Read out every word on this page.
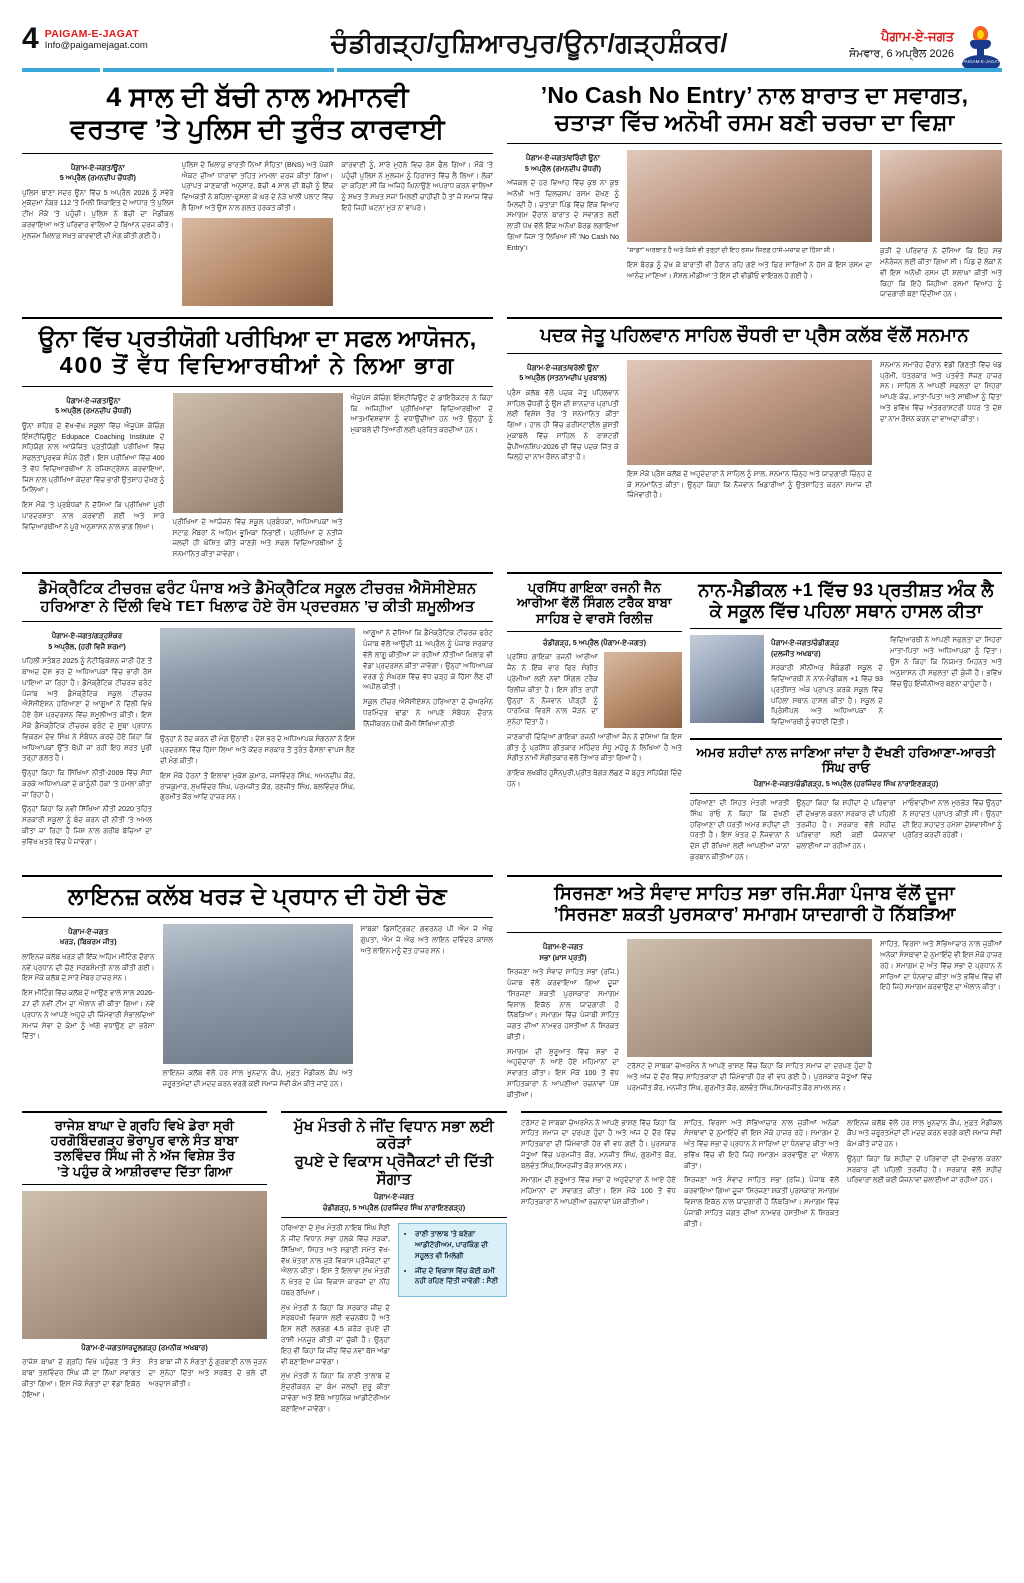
4 PAIGAM-E-JAGAT
Info@paigamejagat.com	ਚੰਡੀਗੜ੍ਹ/ਹੁਸ਼ਿਆਰਪੁਰ/ਊਨਾ/ਗੜ੍ਹਸ਼ੰਕਰ/	ਪੈਗਾਮ-ਏ-ਜਗਤ
ਸੋਮਵਾਰ, 6 ਅਪ੍ਰੈਲ 2026
PAIGAM-E-JAGAT
4 ਸਾਲ ਦੀ ਬੱਚੀ ਨਾਲ ਅਮਾਨਵੀ
ਵਰਤਾਵ ’ਤੇ ਪੁਲਿਸ ਦੀ ਤੁਰੰਤ ਕਾਰਵਾਈ
ਪੈਗਾਮ-ਏ-ਜਗਤ/ਊਨਾ
5 ਅਪ੍ਰੈਲ (ਰਮਨਦੀਪ ਚੌਧਰੀ)

ਪੁਲਿਸ ਥਾਣਾ ਸਦਰ ਊਨਾ ਵਿੱਚ 5 ਅਪ੍ਰੈਲ 2026 ਨੂੰ ਸਵੇਰੇ ਮੁਕੱਦਮਾ ਨੰਬਰ 112 'ਤੇ ਮਿਲੀ ਸ਼ਿਕਾਇਤ ਦੇ ਆਧਾਰ 'ਤੇ ਪੁਲਿਸ ਟੀਮ ਮੌਕੇ 'ਤੇ ਪਹੁੰਚੀ। ਪੁਲਿਸ ਨੇ ਬੱਚੀ ਦਾ ਮੈਡੀਕਲ ਕਰਵਾਇਆ ਅਤੇ ਪਰਿਵਾਰ ਵਾਲਿਆਂ ਦੇ ਬਿਆਨ ਦਰਜ ਕੀਤੇ। ਮੁਲਜ਼ਮ ਖ਼ਿਲਾਫ਼ ਸਖ਼ਤ ਕਾਰਵਾਈ ਦੀ ਮੰਗ ਕੀਤੀ ਗਈ ਹੈ।

ਪੁਲਿਸ ਦੇ ਖ਼ਿਲਾਫ਼ ਭਾਰਤੀ ਨਿਆਂ ਸੰਹਿਤਾ (BNS) ਅਤੇ ਪੋਕਸੋ ਐਕਟ ਦੀਆਂ ਧਾਰਾਵਾਂ ਤਹਿਤ ਮਾਮਲਾ ਦਰਜ ਕੀਤਾ ਗਿਆ। ਪ੍ਰਾਪਤ ਜਾਣਕਾਰੀ ਅਨੁਸਾਰ, ਬੱਚੀ 4 ਸਾਲ ਦੀ ਬੱਚੀ ਨੂੰ ਇੱਕ ਵਿਅਕਤੀ ਨੇ ਬਹਿਲਾ-ਫੁਸਲਾ ਕੇ ਘਰ ਦੇ ਨੇੜੇ ਖਾਲੀ ਪਲਾਟ ਵਿੱਚ ਲੈ ਗਿਆ ਅਤੇ ਉਸ ਨਾਲ ਗਲਤ ਹਰਕਤ ਕੀਤੀ।

ਕਾਰਵਾਈ ਨੂੰ, ਸਾਰੇ ਮੁਹੱਲੇ ਵਿਚ ਰੋਸ ਫੈਲ ਗਿਆ। ਮੌਕੇ 'ਤੇ ਪਹੁੰਚੀ ਪੁਲਿਸ ਨੇ ਮੁਲਜ਼ਮ ਨੂੰ ਹਿਰਾਸਤ ਵਿੱਚ ਲੈ ਲਿਆ। ਲੋਕਾਂ ਦਾ ਕਹਿਣਾ ਸੀ ਕਿ ਅਜਿਹੇ ਘਿਨਾਉਣੇ ਅਪਰਾਧ ਕਰਨ ਵਾਲਿਆਂ ਨੂੰ ਸਖ਼ਤ ਤੋਂ ਸਖ਼ਤ ਸਜ਼ਾ ਮਿਲਣੀ ਚਾਹੀਦੀ ਹੈ ਤਾਂ ਜੋ ਸਮਾਜ ਵਿੱਚ ਇਹੋ ਜਿਹੀ ਘਟਨਾ ਮੁੜ ਨਾ ਵਾਪਰੇ।

’No Cash No Entry’ ਨਾਲ ਬਾਰਾਤ ਦਾ ਸਵਾਗਤ,
ਚਤਾੜਾ ਵਿੱਚ ਅਨੋਖੀ ਰਸਮ ਬਣੀ ਚਰਚਾ ਦਾ ਵਿਸ਼ਾ
ਪੈਗਾਮ-ਏ-ਜਗਤ/ਵਰਿੰਦੀ ਊਨਾ
5 ਅਪ੍ਰੈਲ (ਰਮਨਦੀਪ ਚੌਧਰੀ)

ਅੱਜਕਲ ਦੇ ਹਰ ਵਿਆਹ ਵਿੱਚ ਕੁਝ ਨਾ ਕੁਝ ਅਨੋਖੀ ਅਤੇ ਦਿਲਚਸਪ ਰਸਮ ਦੇਖਣ ਨੂੰ ਮਿਲਦੀ ਹੈ। ਚਤਾੜਾ ਪਿੰਡ ਵਿੱਚ ਇੱਕ ਵਿਆਹ ਸਮਾਗਮ ਦੌਰਾਨ ਬਾਰਾਤ ਦੇ ਸਵਾਗਤ ਲਈ ਲਾੜੀ ਪੱਖ ਵੱਲੋਂ ਇੱਕ ਅਨੋਖਾ ਬੋਰਡ ਲਗਾਇਆ ਗਿਆ ਜਿਸ 'ਤੇ ਲਿਖਿਆ ਸੀ ’No Cash No Entry’।	"ਸਾਡਾ" ਅਰਥਾਤ ਹੈ ਅਤੇ ਕਿਸੇ ਵੀ ਤਰ੍ਹਾਂ ਦੀ ਇਹ ਰਸਮ ਸਿਰਫ਼ ਹਾਸੇ-ਮਜ਼ਾਕ ਦਾ ਹਿੱਸਾ ਸੀ।

ਇਸ ਬੋਰਡ ਨੂੰ ਦੇਖ ਕੇ ਬਾਰਾਤੀ ਵੀ ਹੈਰਾਨ ਰਹਿ ਗਏ ਅਤੇ ਫਿਰ ਸਾਰਿਆਂ ਨੇ ਹੱਸ ਕੇ ਇਸ ਰਸਮ ਦਾ ਆਨੰਦ ਮਾਣਿਆ। ਸੋਸ਼ਲ ਮੀਡੀਆ 'ਤੇ ਇਸ ਦੀ ਵੀਡੀਓ ਵਾਇਰਲ ਹੋ ਗਈ ਹੈ।

ਕੁੜੀ ਦੇ ਪਰਿਵਾਰ ਨੇ ਦੱਸਿਆ ਕਿ ਇਹ ਸਭ ਮਨੋਰੰਜਨ ਲਈ ਕੀਤਾ ਗਿਆ ਸੀ। ਪਿੰਡ ਦੇ ਲੋਕਾਂ ਨੇ ਵੀ ਇਸ ਅਨੋਖੀ ਰਸਮ ਦੀ ਸ਼ਲਾਘਾ ਕੀਤੀ ਅਤੇ ਕਿਹਾ ਕਿ ਇਹੋ ਜਿਹੀਆਂ ਰਸਮਾਂ ਵਿਆਹ ਨੂੰ ਯਾਦਗਾਰੀ ਬਣਾ ਦਿੰਦੀਆਂ ਹਨ।

ਊਨਾ ਵਿੱਚ ਪ੍ਰਤੀਯੋਗੀ ਪਰੀਖਿਆ ਦਾ ਸਫਲ ਆਯੋਜਨ,
400 ਤੋਂ ਵੱਧ ਵਿਦਿਆਰਥੀਆਂ ਨੇ ਲਿਆ ਭਾਗ
ਪੈਗਾਮ-ਏ-ਜਗਤ/ਊਨਾ
5 ਅਪ੍ਰੈਲ (ਰਮਨਦੀਪ ਚੌਧਰੀ)

ਊਨਾ ਸ਼ਹਿਰ ਦੇ ਵੱਖ-ਵੱਖ ਸਕੂਲਾਂ ਵਿੱਚ ਐਜੂਪੇਸ ਕੋਚਿੰਗ ਇੰਸਟੀਚਿਊਟ Edupace Coaching Institute ਦੇ ਸਹਿਯੋਗ ਨਾਲ ਆਯੋਜਿਤ ਪ੍ਰਤੀਯੋਗੀ ਪਰੀਖਿਆ ਵਿੱਚ ਸਫਲਤਾਪੂਰਵਕ ਸੰਪੰਨ ਹੋਈ। ਇਸ ਪਰੀਖਿਆ ਵਿੱਚ 400 ਤੋਂ ਵੱਧ ਵਿਦਿਆਰਥੀਆਂ ਨੇ ਰਜਿਸਟ੍ਰੇਸ਼ਨ ਕਰਵਾਇਆ, ਜਿਸ ਨਾਲ ਪ੍ਰੀਖਿਆ ਕੇਂਦਰਾਂ ਵਿੱਚ ਭਾਰੀ ਉਤਸ਼ਾਹ ਦੇਖਣ ਨੂੰ ਮਿਲਿਆ।

ਇਸ ਮੌਕੇ 'ਤੇ ਪ੍ਰਬੰਧਕਾਂ ਨੇ ਦੱਸਿਆ ਕਿ ਪ੍ਰੀਖਿਆ ਪੂਰੀ ਪਾਰਦਰਸ਼ਤਾ ਨਾਲ ਕਰਵਾਈ ਗਈ ਅਤੇ ਸਾਰੇ ਵਿਦਿਆਰਥੀਆਂ ਨੇ ਪੂਰੇ ਅਨੁਸ਼ਾਸਨ ਨਾਲ ਭਾਗ ਲਿਆ।

ਪ੍ਰੀਖਿਆ ਦੇ ਆਯੋਜਨ ਵਿੱਚ ਸਕੂਲ ਪ੍ਰਬੰਧਕਾਂ, ਅਧਿਆਪਕਾਂ ਅਤੇ ਸਟਾਫ਼ ਮੈਂਬਰਾਂ ਨੇ ਅਹਿਮ ਭੂਮਿਕਾ ਨਿਭਾਈ। ਪ੍ਰੀਖਿਆ ਦੇ ਨਤੀਜੇ ਜਲਦੀ ਹੀ ਘੋਸ਼ਿਤ ਕੀਤੇ ਜਾਣਗੇ ਅਤੇ ਸਫਲ ਵਿਦਿਆਰਥੀਆਂ ਨੂੰ ਸਨਮਾਨਿਤ ਕੀਤਾ ਜਾਵੇਗਾ।

ਐਜੂਪੇਸ ਕੋਚਿੰਗ ਇੰਸਟੀਚਿਊਟ ਦੇ ਡਾਇਰੈਕਟਰ ਨੇ ਕਿਹਾ ਕਿ ਅਜਿਹੀਆਂ ਪ੍ਰੀਖਿਆਵਾਂ ਵਿਦਿਆਰਥੀਆਂ ਦੇ ਆਤਮਵਿਸ਼ਵਾਸ ਨੂੰ ਵਧਾਉਂਦੀਆਂ ਹਨ ਅਤੇ ਉਨ੍ਹਾਂ ਨੂੰ ਮੁਕਾਬਲੇ ਦੀ ਤਿਆਰੀ ਲਈ ਪ੍ਰੇਰਿਤ ਕਰਦੀਆਂ ਹਨ।

ਪਦਕ ਜੇਤੂ ਪਹਿਲਵਾਨ ਸਾਹਿਲ ਚੌਧਰੀ ਦਾ ਪ੍ਰੈਸ ਕਲੱਬ ਵੱਲੋਂ ਸਨਮਾਨ
ਪੈਗਾਮ-ਏ-ਜਗਤ/ਵਰੇਲੀ ਊਨਾ
5 ਅਪ੍ਰੈਲ (ਸਤਨਾਮਦੀਪ ਪੁਰਬਾਲ)

ਪ੍ਰੈਸ ਕਲੱਬ ਵੱਲੋਂ ਪਦਕ ਜੇਤੂ ਪਹਿਲਵਾਨ ਸਾਹਿਲ ਚੌਧਰੀ ਨੂੰ ਉਸ ਦੀ ਸ਼ਾਨਦਾਰ ਪ੍ਰਾਪਤੀ ਲਈ ਵਿਸ਼ੇਸ਼ ਤੌਰ 'ਤੇ ਸਨਮਾਨਿਤ ਕੀਤਾ ਗਿਆ। ਹਾਲ ਹੀ ਵਿੱਚ ਫ਼ਰੀਸਟਾਈਲ ਕੁਸ਼ਤੀ ਮੁਕਾਬਲੇ ਵਿੱਚ ਸਾਹਿਲ ਨੇ ਰਾਸ਼ਟਰੀ ਚੈਂਪੀਅਨਸ਼ਿਪ-2026 ਦੀ ਵਿੱਚ ਪਦਕ ਜਿੱਤ ਕੇ ਜ਼ਿਲ੍ਹੇ ਦਾ ਨਾਮ ਰੌਸ਼ਨ ਕੀਤਾ ਹੈ।

ਇਸ ਮੌਕੇ ਪ੍ਰੈਸ ਕਲੱਬ ਦੇ ਅਹੁਦੇਦਾਰਾਂ ਨੇ ਸਾਹਿਲ ਨੂੰ ਸ਼ਾਲ, ਸਨਮਾਨ ਚਿੰਨ੍ਹ ਅਤੇ ਯਾਦਗਾਰੀ ਚਿੰਨ੍ਹ ਦੇ ਕੇ ਸਨਮਾਨਿਤ ਕੀਤਾ। ਉਨ੍ਹਾਂ ਕਿਹਾ ਕਿ ਨੌਜਵਾਨ ਖਿਡਾਰੀਆਂ ਨੂੰ ਉਤਸ਼ਾਹਿਤ ਕਰਨਾ ਸਮਾਜ ਦੀ ਜ਼ਿੰਮੇਵਾਰੀ ਹੈ।

ਸਨਮਾਨ ਸਮਾਰੋਹ ਦੌਰਾਨ ਵੱਡੀ ਗਿਣਤੀ ਵਿੱਚ ਖੇਡ ਪ੍ਰੇਮੀ, ਪੱਤਰਕਾਰ ਅਤੇ ਪਤਵੰਤੇ ਸੱਜਣ ਹਾਜ਼ਰ ਸਨ। ਸਾਹਿਲ ਨੇ ਆਪਣੀ ਸਫਲਤਾ ਦਾ ਸਿਹਰਾ ਆਪਣੇ ਕੋਚ, ਮਾਤਾ-ਪਿਤਾ ਅਤੇ ਸਾਥੀਆਂ ਨੂੰ ਦਿੱਤਾ ਅਤੇ ਭਵਿੱਖ ਵਿੱਚ ਅੰਤਰਰਾਸ਼ਟਰੀ ਪੱਧਰ 'ਤੇ ਦੇਸ਼ ਦਾ ਨਾਮ ਰੌਸ਼ਨ ਕਰਨ ਦਾ ਵਾਅਦਾ ਕੀਤਾ।

ਡੈਮੋਕ੍ਰੈਟਿਕ ਟੀਚਰਜ਼ ਫਰੰਟ ਪੰਜਾਬ ਅਤੇ ਡੈਮੋਕ੍ਰੈਟਿਕ ਸਕੂਲ ਟੀਚਰਜ਼ ਐਸੋਸੀਏਸ਼ਨ
ਹਰਿਆਣਾ ਨੇ ਦਿੱਲੀ ਵਿਖੇ TET ਖਿਲਾਫ ਹੋਏ ਰੋਸ ਪ੍ਰਦਰਸ਼ਨ ’ਚ ਕੀਤੀ ਸ਼ਮੂਲੀਅਤ
ਪੈਗਾਮ-ਏ-ਜਗਤ/ਗੜ੍ਹਸ਼ੰਕਰ
5 ਅਪ੍ਰੈਲ, (ਹਰੀ ਵਿਜੈ ਸ਼ਰਮਾ)

ਪਹਿਲੀ ਸਤੰਬਰ 2025 ਨੂੰ ਨੋਟੀਫਿਕੇਸ਼ਨ ਜਾਰੀ ਹੋਣ ਤੋਂ ਬਾਅਦ ਦੇਸ਼ ਭਰ ਦੇ ਅਧਿਆਪਕਾਂ ਵਿੱਚ ਭਾਰੀ ਰੋਸ ਪਾਇਆ ਜਾ ਰਿਹਾ ਹੈ। ਡੈਮੋਕ੍ਰੈਟਿਕ ਟੀਚਰਜ਼ ਫਰੰਟ ਪੰਜਾਬ ਅਤੇ ਡੈਮੋਕ੍ਰੈਟਿਕ ਸਕੂਲ ਟੀਚਰਜ਼ ਐਸੋਸੀਏਸ਼ਨ ਹਰਿਆਣਾ ਦੇ ਆਗੂਆਂ ਨੇ ਦਿੱਲੀ ਵਿਖੇ ਹੋਏ ਰੋਸ ਪ੍ਰਦਰਸ਼ਨ ਵਿੱਚ ਸ਼ਮੂਲੀਅਤ ਕੀਤੀ। ਇਸ ਮੌਕੇ ਡੈਮੋਕ੍ਰੈਟਿਕ ਟੀਚਰਜ਼ ਫਰੰਟ ਦੇ ਸੂਬਾ ਪ੍ਰਧਾਨ ਵਿਕਰਮ ਦੇਵ ਸਿੰਘ ਨੇ ਸੰਬੋਧਨ ਕਰਦੇ ਹੋਏ ਕਿਹਾ ਕਿ ਅਧਿਆਪਕਾਂ ਉੱਤੇ ਥੋਪੀ ਜਾ ਰਹੀ ਇਹ ਸ਼ਰਤ ਪੂਰੀ ਤਰ੍ਹਾਂ ਗਲਤ ਹੈ।

ਉਨ੍ਹਾਂ ਕਿਹਾ ਕਿ ਸਿੱਖਿਆ ਨੀਤੀ-2009 ਵਿੱਚ ਸੋਧਾਂ ਕਰਕੇ ਅਧਿਆਪਕਾਂ ਦੇ ਕਾਨੂੰਨੀ ਹੱਕਾਂ 'ਤੇ ਹਮਲਾ ਕੀਤਾ ਜਾ ਰਿਹਾ ਹੈ।

ਉਨ੍ਹਾਂ ਕਿਹਾ ਕਿ ਨਵੀਂ ਸਿੱਖਿਆ ਨੀਤੀ 2020 ਤਹਿਤ ਸਰਕਾਰੀ ਸਕੂਲਾਂ ਨੂੰ ਬੰਦ ਕਰਨ ਦੀ ਨੀਤੀ 'ਤੇ ਅਮਲ ਕੀਤਾ ਜਾ ਰਿਹਾ ਹੈ ਜਿਸ ਨਾਲ ਗਰੀਬ ਬੱਚਿਆਂ ਦਾ ਭਵਿੱਖ ਖ਼ਤਰੇ ਵਿੱਚ ਪੈ ਜਾਵੇਗਾ।

ਉਨ੍ਹਾਂ ਨੇ ਰੱਦ ਕਰਨ ਦੀ ਮੰਗ ਉਠਾਈ। ਦੇਸ਼ ਭਰ ਦੇ ਅਧਿਆਪਕ ਸੰਗਠਨਾਂ ਨੇ ਇਸ ਪ੍ਰਦਰਸ਼ਨ ਵਿੱਚ ਹਿੱਸਾ ਲਿਆ ਅਤੇ ਕੇਂਦਰ ਸਰਕਾਰ ਤੋਂ ਤੁਰੰਤ ਫੈਸਲਾ ਵਾਪਸ ਲੈਣ ਦੀ ਮੰਗ ਕੀਤੀ।

ਇਸ ਮੌਕੇ ਹੋਰਨਾਂ ਤੋਂ ਇਲਾਵਾ ਮੁਕੇਸ਼ ਕੁਮਾਰ, ਜਸਵਿੰਦਰ ਸਿੰਘ, ਅਮਨਦੀਪ ਕੌਰ, ਰਾਜਕੁਮਾਰ, ਸੁਖਵਿੰਦਰ ਸਿੰਘ, ਪਰਮਜੀਤ ਕੌਰ, ਰਣਜੀਤ ਸਿੰਘ, ਬਲਵਿੰਦਰ ਸਿੰਘ, ਗੁਰਮੀਤ ਕੌਰ ਆਦਿ ਹਾਜ਼ਰ ਸਨ।

ਆਗੂਆਂ ਨੇ ਦੱਸਿਆ ਕਿ ਡੈਮੋਕ੍ਰੈਟਿਕ ਟੀਚਰਜ਼ ਫਰੰਟ ਪੰਜਾਬ ਵੱਲੋਂ ਆਉਂਦੀ 11 ਅਪ੍ਰੈਲ ਨੂੰ ਪੰਜਾਬ ਸਰਕਾਰ ਵੱਲੋਂ ਲਾਗੂ ਕੀਤੀਆਂ ਜਾ ਰਹੀਆਂ ਨੀਤੀਆਂ ਖ਼ਿਲਾਫ਼ ਵੀ ਵੱਡਾ ਪ੍ਰਦਰਸ਼ਨ ਕੀਤਾ ਜਾਵੇਗਾ। ਉਨ੍ਹਾਂ ਅਧਿਆਪਕ ਵਰਗ ਨੂੰ ਸੰਘਰਸ਼ ਵਿੱਚ ਵੱਧ ਚੜ੍ਹ ਕੇ ਹਿੱਸਾ ਲੈਣ ਦੀ ਅਪੀਲ ਕੀਤੀ।

ਸਕੂਲ ਟੀਚਰ ਐਸੋਸੀਏਸ਼ਨ ਹਰਿਆਣਾ ਦੇ ਚੇਅਰਮੈਨ ਧਰਮਿੰਦਰ ਢਾਂਡਾ ਨੇ ਆਪਣੇ ਸੰਬੋਧਨ ਦੌਰਾਨ ਨਿੱਜੀਕਰਨ ਪੱਖੀ ਕੌਮੀ ਸਿੱਖਿਆ ਨੀਤੀ

ਪ੍ਰਸਿੱਧ ਗਾਇਕਾ ਰਜਨੀ ਜੈਨ
ਆਰੀਆ ਵੱਲੋਂ ਸਿੰਗਲ ਟਰੈਕ ਬਾਬਾ
ਸਾਹਿਬ ਦੇ ਵਾਰਸੋ ਰਿਲੀਜ਼
ਚੰਡੀਗੜ੍ਹ, 5 ਅਪ੍ਰੈਲ (ਪੈਗਾਮ-ਏ-ਜਗਤ)

ਪ੍ਰਸਿੱਧ ਗਾਇਕਾ ਰਜਨੀ ਆਰੀਆ ਜੈਨ ਨੇ ਇੱਕ ਵਾਰ ਫਿਰ ਸੰਗੀਤ ਪ੍ਰੇਮੀਆਂ ਲਈ ਨਵਾਂ ਸਿੰਗਲ ਟਰੈਕ ਰਿਲੀਜ਼ ਕੀਤਾ ਹੈ। ਇਸ ਗੀਤ ਰਾਹੀਂ ਉਨ੍ਹਾਂ ਨੇ ਨੌਜਵਾਨ ਪੀੜ੍ਹੀ ਨੂੰ ਧਾਰਮਿਕ ਵਿਰਸੇ ਨਾਲ ਜੋੜਨ ਦਾ ਸੁਨੇਹਾ ਦਿੱਤਾ ਹੈ।

ਜਾਣਕਾਰੀ ਦਿੰਦਿਆਂ ਗਾਇਕਾ ਰਜਨੀ ਆਰੀਆ ਜੈਨ ਨੇ ਦੱਸਿਆ ਕਿ ਇਸ ਗੀਤ ਨੂੰ ਪ੍ਰਸਿੱਧ ਗੀਤਕਾਰ ਮਹਿੰਦਰ ਸੰਧੂ ਮਹੇਰੂ ਨੇ ਲਿਖਿਆ ਹੈ ਅਤੇ ਸੰਗੀਤ ਨਾਮੀ ਸੰਗੀਤਕਾਰ ਵੱਲੋਂ ਤਿਆਰ ਕੀਤਾ ਗਿਆ ਹੈ।

ਗਾਇਕ ਲਖਬੀਰ ਹੁਸੈਨਪੁਰੀ,ਪ੍ਰੀਤ ਥੇਗੜ ਲੱਛਣ ਜੋ ਬਹੁਤ ਸਹਿਯੋਗ ਦਿੰਦੇ ਹਨ।

ਨਾਨ-ਮੈਡੀਕਲ +1 ਵਿੱਚ 93 ਪ੍ਰਤੀਸ਼ਤ ਅੰਕ ਲੈ
ਕੇ ਸਕੂਲ ਵਿੱਚ ਪਹਿਲਾ ਸਥਾਨ ਹਾਸਲ ਕੀਤਾ
ਪੈਗਾਮ-ਏ-ਜਗਤ/ਚੰਡੀਗੜ੍ਹ
(ਦਲਜੀਤ ਅਖਬਾਰ)

ਸਰਕਾਰੀ ਸੀਨੀਅਰ ਸੈਕੰਡਰੀ ਸਕੂਲ ਦੇ ਵਿਦਿਆਰਥੀ ਨੇ ਨਾਨ-ਮੈਡੀਕਲ +1 ਵਿੱਚ 93 ਪ੍ਰਤੀਸ਼ਤ ਅੰਕ ਪ੍ਰਾਪਤ ਕਰਕੇ ਸਕੂਲ ਵਿੱਚ ਪਹਿਲਾ ਸਥਾਨ ਹਾਸਲ ਕੀਤਾ ਹੈ। ਸਕੂਲ ਦੇ ਪ੍ਰਿੰਸੀਪਲ ਅਤੇ ਅਧਿਆਪਕਾਂ ਨੇ ਵਿਦਿਆਰਥੀ ਨੂੰ ਵਧਾਈ ਦਿੱਤੀ।

ਵਿਦਿਆਰਥੀ ਨੇ ਆਪਣੀ ਸਫਲਤਾ ਦਾ ਸਿਹਰਾ ਮਾਤਾ-ਪਿਤਾ ਅਤੇ ਅਧਿਆਪਕਾਂ ਨੂੰ ਦਿੱਤਾ। ਉਸ ਨੇ ਕਿਹਾ ਕਿ ਨਿਯਮਤ ਮਿਹਨਤ ਅਤੇ ਅਨੁਸ਼ਾਸਨ ਹੀ ਸਫਲਤਾ ਦੀ ਕੁੰਜੀ ਹੈ। ਭਵਿੱਖ ਵਿੱਚ ਉਹ ਇੰਜੀਨੀਅਰ ਬਣਨਾ ਚਾਹੁੰਦਾ ਹੈ।

ਅਮਰ ਸ਼ਹੀਦਾਂ ਨਾਲ ਜਾਣਿਆ ਜਾਂਦਾ ਹੈ ਦੱਖਣੀ ਹਰਿਆਣਾ-ਆਰਤੀ ਸਿੰਘ ਰਾਓ
ਪੈਗਾਮ-ਏ-ਜਗਤ/ਚੰਡੀਗੜ੍ਹ, 5 ਅਪ੍ਰੈਲ (ਹਰਜਿੰਦਰ ਸਿੰਘ ਨਾਰਾਇਣਗੜ੍ਹ)

ਹਰਿਆਣਾ ਦੀ ਸਿਹਤ ਮੰਤਰੀ ਆਰਤੀ ਸਿੰਘ ਰਾਓ ਨੇ ਕਿਹਾ ਕਿ ਦੱਖਣੀ ਹਰਿਆਣਾ ਦੀ ਧਰਤੀ ਅਮਰ ਸ਼ਹੀਦਾਂ ਦੀ ਧਰਤੀ ਹੈ। ਇਸ ਖੇਤਰ ਦੇ ਨੌਜਵਾਨਾਂ ਨੇ ਦੇਸ਼ ਦੀ ਰੱਖਿਆ ਲਈ ਆਪਣੀਆਂ ਜਾਨਾਂ ਕੁਰਬਾਨ ਕੀਤੀਆਂ ਹਨ।

ਉਨ੍ਹਾਂ ਕਿਹਾ ਕਿ ਸ਼ਹੀਦਾਂ ਦੇ ਪਰਿਵਾਰਾਂ ਦੀ ਦੇਖਭਾਲ ਕਰਨਾ ਸਰਕਾਰ ਦੀ ਪਹਿਲੀ ਤਰਜੀਹ ਹੈ। ਸਰਕਾਰ ਵੱਲੋਂ ਸ਼ਹੀਦ ਪਰਿਵਾਰਾਂ ਲਈ ਕਈ ਯੋਜਨਾਵਾਂ ਚਲਾਈਆਂ ਜਾ ਰਹੀਆਂ ਹਨ।

ਮਾਓਵਾਦੀਆਂ ਨਾਲ ਮੁਠਭੇੜ ਵਿੱਚ ਉਨ੍ਹਾਂ ਨੇ ਸ਼ਹਾਦਤ ਪ੍ਰਾਪਤ ਕੀਤੀ ਸੀ। ਉਨ੍ਹਾਂ ਦੀ ਇਹ ਸ਼ਹਾਦਤ ਹਮੇਸ਼ਾ ਦੇਸ਼ਵਾਸੀਆਂ ਨੂੰ ਪ੍ਰੇਰਿਤ ਕਰਦੀ ਰਹੇਗੀ।

ਲਾਇਨਜ਼ ਕਲੱਬ ਖਰੜ ਦੇ ਪ੍ਰਧਾਨ ਦੀ ਹੋਈ ਚੋਣ
ਪੈਗਾਮ-ਏ-ਜਗਤ
ਖਰੜ, (ਬਿਕਰਮ ਜੀਤ)

ਲਾਇਨਜ਼ ਕਲੱਬ ਖਰੜ ਦੀ ਇੱਕ ਅਹਿਮ ਮੀਟਿੰਗ ਦੌਰਾਨ ਨਵੇਂ ਪ੍ਰਧਾਨ ਦੀ ਚੋਣ ਸਰਬਸੰਮਤੀ ਨਾਲ ਕੀਤੀ ਗਈ। ਇਸ ਮੌਕੇ ਕਲੱਬ ਦੇ ਸਾਰੇ ਮੈਂਬਰ ਹਾਜ਼ਰ ਸਨ।

ਇਸ ਮੀਟਿੰਗ ਵਿੱਚ ਕਲੱਬ ਦੇ ਆਉਣ ਵਾਲੇ ਸਾਲ 2026-27 ਦੀ ਨਵੀਂ ਟੀਮ ਦਾ ਐਲਾਨ ਵੀ ਕੀਤਾ ਗਿਆ। ਨਵੇਂ ਪ੍ਰਧਾਨ ਨੇ ਆਪਣੇ ਅਹੁਦੇ ਦੀ ਜ਼ਿੰਮੇਵਾਰੀ ਸੰਭਾਲਦਿਆਂ ਸਮਾਜ ਸੇਵਾ ਦੇ ਕੰਮਾਂ ਨੂੰ ਅੱਗੇ ਵਧਾਉਣ ਦਾ ਭਰੋਸਾ ਦਿੱਤਾ।

ਲਾਇਨਜ਼ ਕਲੱਬ ਵੱਲੋਂ ਹਰ ਸਾਲ ਖੂਨਦਾਨ ਕੈਂਪ, ਮੁਫ਼ਤ ਮੈਡੀਕਲ ਕੈਂਪ ਅਤੇ ਜ਼ਰੂਰਤਮੰਦਾਂ ਦੀ ਮਦਦ ਕਰਨ ਵਰਗੇ ਕਈ ਸਮਾਜ ਸੇਵੀ ਕੰਮ ਕੀਤੇ ਜਾਂਦੇ ਹਨ।

ਸਾਬਕਾ ਡਿਸਟ੍ਰਿਕਟ ਗਵਰਨਰ ਪੀ ਐਮ ਜੇ ਐਫ ਗੁਪਤਾ, ਐਮ ਜੇ ਐਫ ਅਤੇ ਲਾਇਨ ਦਵਿੰਦਰ ਕਾਂਸਲ ਅਤੇ ਲਾਇਨ ਮਨੂੰ ਦੱਤ ਹਾਜ਼ਰ ਸਨ।

ਸਿਰਜਣਾ ਅਤੇ ਸੰਵਾਦ ਸਾਹਿਤ ਸਭਾ ਰਜਿ.ਸੰਗਾ ਪੰਜਾਬ ਵੱਲੋਂ ਦੂਜਾ
’ਸਿਰਜਣਾ ਸ਼ਕਤੀ ਪੁਰਸਕਾਰ’ ਸਮਾਗਮ ਯਾਦਗਾਰੀ ਹੋ ਨਿੱਬੜਿਆ
ਪੈਗਾਮ-ਏ-ਜਗਤ
ਸਭਾ (ਖ਼ਾਸ ਪ੍ਰਤੀ)

ਸਿਰਜਣਾ ਅਤੇ ਸੰਵਾਦ ਸਾਹਿਤ ਸਭਾ (ਰਜਿ.) ਪੰਜਾਬ ਵੱਲੋਂ ਕਰਵਾਇਆ ਗਿਆ ਦੂਜਾ 'ਸਿਰਜਣਾ ਸ਼ਕਤੀ ਪੁਰਸਕਾਰ' ਸਮਾਗਮ ਵਿਸ਼ਾਲ ਇਕੱਠ ਨਾਲ ਯਾਦਗਾਰੀ ਹੋ ਨਿੱਬੜਿਆ। ਸਮਾਗਮ ਵਿੱਚ ਪੰਜਾਬੀ ਸਾਹਿਤ ਜਗਤ ਦੀਆਂ ਨਾਮਵਰ ਹਸਤੀਆਂ ਨੇ ਸ਼ਿਰਕਤ ਕੀਤੀ।

ਸਮਾਗਮ ਦੀ ਸ਼ੁਰੂਆਤ ਵਿੱਚ ਸਭਾ ਦੇ ਅਹੁਦੇਦਾਰਾਂ ਨੇ ਆਏ ਹੋਏ ਮਹਿਮਾਨਾਂ ਦਾ ਸਵਾਗਤ ਕੀਤਾ। ਇਸ ਮੌਕੇ 100 ਤੋਂ ਵੱਧ ਸਾਹਿਤਕਾਰਾਂ ਨੇ ਆਪਣੀਆਂ ਰਚਨਾਵਾਂ ਪੇਸ਼ ਕੀਤੀਆਂ।

ਟਰੱਸਟ ਦੇ ਸਾਬਕਾ ਚੇਅਰਮੈਨ ਨੇ ਆਪਣੇ ਭਾਸ਼ਣ ਵਿੱਚ ਕਿਹਾ ਕਿ ਸਾਹਿਤ ਸਮਾਜ ਦਾ ਦਰਪਣ ਹੁੰਦਾ ਹੈ ਅਤੇ ਅੱਜ ਦੇ ਦੌਰ ਵਿੱਚ ਸਾਹਿਤਕਾਰਾਂ ਦੀ ਜ਼ਿੰਮੇਵਾਰੀ ਹੋਰ ਵੀ ਵਧ ਗਈ ਹੈ। ਪੁਰਸਕਾਰ ਜੇਤੂਆਂ ਵਿੱਚ ਪਰਮਜੀਤ ਕੌਰ, ਮਨਜੀਤ ਸਿੰਘ, ਗੁਰਮੀਤ ਕੌਰ, ਬਲਵੰਤ ਸਿੰਘ,ਸਿਮਰਜੀਤ ਕੌਰ ਸ਼ਾਮਲ ਸਨ।

ਸਾਹਿਤ, ਵਿਰਸਾ ਅਤੇ ਸੱਭਿਆਚਾਰ ਨਾਲ ਜੁੜੀਆਂ ਅਨੇਕਾਂ ਸੰਸਥਾਵਾਂ ਦੇ ਨੁਮਾਇੰਦੇ ਵੀ ਇਸ ਮੌਕੇ ਹਾਜ਼ਰ ਰਹੇ। ਸਮਾਗਮ ਦੇ ਅੰਤ ਵਿੱਚ ਸਭਾ ਦੇ ਪ੍ਰਧਾਨ ਨੇ ਸਾਰਿਆਂ ਦਾ ਧੰਨਵਾਦ ਕੀਤਾ ਅਤੇ ਭਵਿੱਖ ਵਿੱਚ ਵੀ ਇਹੋ ਜਿਹੇ ਸਮਾਗਮ ਕਰਵਾਉਣ ਦਾ ਐਲਾਨ ਕੀਤਾ।

ਰਾਜੇਸ਼ ਬਾਘਾ ਦੇ ਗ੍ਰਹਿ ਵਿਖੇ ਡੇਰਾ ਸ੍ਰੀ
ਹਰਗੋਬਿੰਦਗੜ੍ਹ ਭੋਰਾਪੁਰ ਵਾਲੇ ਸੰਤ ਬਾਬਾ
ਤਲਵਿੰਦਰ ਸਿੰਘ ਜੀ ਨੇ ਅੱਜ ਵਿਸ਼ੇਸ਼ ਤੌਰ
’ਤੇ ਪਹੁੰਚ ਕੇ ਆਸ਼ੀਰਵਾਦ ਦਿੱਤਾ ਗਿਆ
ਪੈਗਾਮ-ਏ-ਜਗਤ/ਸਰਦੂਲਗੜ੍ਹ (ਰਮਨੀਕ ਅਖਬਾਰ)

ਰਾਜੇਸ਼ ਬਾਘਾ ਦੇ ਗ੍ਰਹਿ ਵਿਖੇ ਪਹੁੰਚਣ 'ਤੇ ਸੰਤ ਬਾਬਾ ਤਲਵਿੰਦਰ ਸਿੰਘ ਜੀ ਦਾ ਨਿੱਘਾ ਸਵਾਗਤ ਕੀਤਾ ਗਿਆ। ਇਸ ਮੌਕੇ ਸੰਗਤਾਂ ਦਾ ਵੱਡਾ ਇਕੱਠ ਹੋਇਆ।

ਸੰਤ ਬਾਬਾ ਜੀ ਨੇ ਸੰਗਤਾਂ ਨੂੰ ਗੁਰਬਾਣੀ ਨਾਲ ਜੁੜਨ ਦਾ ਸੁਨੇਹਾ ਦਿੱਤਾ ਅਤੇ ਸਰਬੱਤ ਦੇ ਭਲੇ ਦੀ ਅਰਦਾਸ ਕੀਤੀ।

ਮੁੱਖ ਮੰਤਰੀ ਨੇ ਜੀਂਦ ਵਿਧਾਨ ਸਭਾ ਲਈ ਕਰੋੜਾਂ
ਰੁਪਏ ਦੇ ਵਿਕਾਸ ਪ੍ਰੋਜੈਕਟਾਂ ਦੀ ਦਿੱਤੀ ਸੌਗਾਤ
ਪੈਗਾਮ-ਏ-ਜਗਤ
ਚੰਡੀਗੜ੍ਹ, 5 ਅਪ੍ਰੈਲ (ਹਰਜਿੰਦਰ ਸਿੰਘ ਨਾਰਾਇਣਗੜ੍ਹ)

ਹਰਿਆਣਾ ਦੇ ਮੁੱਖ ਮੰਤਰੀ ਨਾਇਬ ਸਿੰਘ ਸੈਣੀ ਨੇ ਜੀਂਦ ਵਿਧਾਨ ਸਭਾ ਹਲਕੇ ਵਿੱਚ ਸੜਕਾਂ, ਸਿੱਖਿਆ, ਸਿਹਤ ਅਤੇ ਸਫ਼ਾਈ ਸਮੇਤ ਵੱਖ-ਵੱਖ ਖੇਤਰਾਂ ਨਾਲ ਜੁੜੇ ਵਿਕਾਸ ਪ੍ਰੋਜੈਕਟਾਂ ਦਾ ਐਲਾਨ ਕੀਤਾ। ਇਸ ਤੋਂ ਇਲਾਵਾ ਮੁੱਖ ਮੰਤਰੀ ਨੇ ਖੇਤਰ ਦੇ ਪੰਜ ਵਿਕਾਸ ਕਾਰਜਾਂ ਦਾ ਨੀਂਹ ਪੱਥਰ ਰੱਖਿਆ।

ਮੁੱਖ ਮੰਤਰੀ ਨੇ ਕਿਹਾ ਕਿ ਸਰਕਾਰ ਜੀਂਦ ਦੇ ਸਰਬਪੱਖੀ ਵਿਕਾਸ ਲਈ ਵਚਨਬੱਧ ਹੈ ਅਤੇ ਇਸ ਲਈ ਲਗਭਗ 4.5 ਕਰੋੜ ਰੁਪਏ ਦੀ ਰਾਸ਼ੀ ਮਨਜ਼ੂਰ ਕੀਤੀ ਜਾ ਚੁੱਕੀ ਹੈ। ਉਨ੍ਹਾਂ ਇਹ ਵੀ ਕਿਹਾ ਕਿ ਜੀਂਦ ਵਿੱਚ ਨਵਾਂ ਬੱਸ ਅੱਡਾ ਵੀ ਬਣਾਇਆ ਜਾਵੇਗਾ।

ਮੁੱਖ ਮੰਤਰੀ ਨੇ ਕਿਹਾ ਕਿ ਰਾਣੀ ਤਾਲਾਬ ਦੇ ਸੁੰਦਰੀਕਰਨ ਦਾ ਕੰਮ ਜਲਦੀ ਸ਼ੁਰੂ ਕੀਤਾ ਜਾਵੇਗਾ ਅਤੇ ਇੱਥੇ ਆਧੁਨਿਕ ਆਡੀਟੋਰੀਅਮ ਬਣਾਇਆ ਜਾਵੇਗਾ।

• ਰਾਣੀ ਤਾਲਾਬ ’ਤੇ ਬਣੇਗਾ ਆਡੀਟੋਰੀਅਮ, ਪਾਰਕਿੰਗ ਦੀ ਸਹੂਲਤ ਵੀ ਮਿਲੇਗੀ
• ਜੀਂਦ ਦੇ ਵਿਕਾਸ ਵਿੱਚ ਕੋਈ ਕਮੀ ਨਹੀਂ ਰਹਿਣ ਦਿੱਤੀ ਜਾਵੇਗੀ : ਸੈਣੀ

ਟਰੱਸਟ ਦੇ ਸਾਬਕਾ ਚੇਅਰਮੈਨ ਨੇ ਆਪਣੇ ਭਾਸ਼ਣ ਵਿੱਚ ਕਿਹਾ ਕਿ ਸਾਹਿਤ ਸਮਾਜ ਦਾ ਦਰਪਣ ਹੁੰਦਾ ਹੈ ਅਤੇ ਅੱਜ ਦੇ ਦੌਰ ਵਿੱਚ ਸਾਹਿਤਕਾਰਾਂ ਦੀ ਜ਼ਿੰਮੇਵਾਰੀ ਹੋਰ ਵੀ ਵਧ ਗਈ ਹੈ। ਪੁਰਸਕਾਰ ਜੇਤੂਆਂ ਵਿੱਚ ਪਰਮਜੀਤ ਕੌਰ, ਮਨਜੀਤ ਸਿੰਘ, ਗੁਰਮੀਤ ਕੌਰ, ਬਲਵੰਤ ਸਿੰਘ,ਸਿਮਰਜੀਤ ਕੌਰ ਸ਼ਾਮਲ ਸਨ।

ਸਮਾਗਮ ਦੀ ਸ਼ੁਰੂਆਤ ਵਿੱਚ ਸਭਾ ਦੇ ਅਹੁਦੇਦਾਰਾਂ ਨੇ ਆਏ ਹੋਏ ਮਹਿਮਾਨਾਂ ਦਾ ਸਵਾਗਤ ਕੀਤਾ। ਇਸ ਮੌਕੇ 100 ਤੋਂ ਵੱਧ ਸਾਹਿਤਕਾਰਾਂ ਨੇ ਆਪਣੀਆਂ ਰਚਨਾਵਾਂ ਪੇਸ਼ ਕੀਤੀਆਂ।

ਸਾਹਿਤ, ਵਿਰਸਾ ਅਤੇ ਸੱਭਿਆਚਾਰ ਨਾਲ ਜੁੜੀਆਂ ਅਨੇਕਾਂ ਸੰਸਥਾਵਾਂ ਦੇ ਨੁਮਾਇੰਦੇ ਵੀ ਇਸ ਮੌਕੇ ਹਾਜ਼ਰ ਰਹੇ। ਸਮਾਗਮ ਦੇ ਅੰਤ ਵਿੱਚ ਸਭਾ ਦੇ ਪ੍ਰਧਾਨ ਨੇ ਸਾਰਿਆਂ ਦਾ ਧੰਨਵਾਦ ਕੀਤਾ ਅਤੇ ਭਵਿੱਖ ਵਿੱਚ ਵੀ ਇਹੋ ਜਿਹੇ ਸਮਾਗਮ ਕਰਵਾਉਣ ਦਾ ਐਲਾਨ ਕੀਤਾ।

ਸਿਰਜਣਾ ਅਤੇ ਸੰਵਾਦ ਸਾਹਿਤ ਸਭਾ (ਰਜਿ.) ਪੰਜਾਬ ਵੱਲੋਂ ਕਰਵਾਇਆ ਗਿਆ ਦੂਜਾ 'ਸਿਰਜਣਾ ਸ਼ਕਤੀ ਪੁਰਸਕਾਰ' ਸਮਾਗਮ ਵਿਸ਼ਾਲ ਇਕੱਠ ਨਾਲ ਯਾਦਗਾਰੀ ਹੋ ਨਿੱਬੜਿਆ। ਸਮਾਗਮ ਵਿੱਚ ਪੰਜਾਬੀ ਸਾਹਿਤ ਜਗਤ ਦੀਆਂ ਨਾਮਵਰ ਹਸਤੀਆਂ ਨੇ ਸ਼ਿਰਕਤ ਕੀਤੀ।

ਲਾਇਨਜ਼ ਕਲੱਬ ਵੱਲੋਂ ਹਰ ਸਾਲ ਖੂਨਦਾਨ ਕੈਂਪ, ਮੁਫ਼ਤ ਮੈਡੀਕਲ ਕੈਂਪ ਅਤੇ ਜ਼ਰੂਰਤਮੰਦਾਂ ਦੀ ਮਦਦ ਕਰਨ ਵਰਗੇ ਕਈ ਸਮਾਜ ਸੇਵੀ ਕੰਮ ਕੀਤੇ ਜਾਂਦੇ ਹਨ।

ਉਨ੍ਹਾਂ ਕਿਹਾ ਕਿ ਸ਼ਹੀਦਾਂ ਦੇ ਪਰਿਵਾਰਾਂ ਦੀ ਦੇਖਭਾਲ ਕਰਨਾ ਸਰਕਾਰ ਦੀ ਪਹਿਲੀ ਤਰਜੀਹ ਹੈ। ਸਰਕਾਰ ਵੱਲੋਂ ਸ਼ਹੀਦ ਪਰਿਵਾਰਾਂ ਲਈ ਕਈ ਯੋਜਨਾਵਾਂ ਚਲਾਈਆਂ ਜਾ ਰਹੀਆਂ ਹਨ।
